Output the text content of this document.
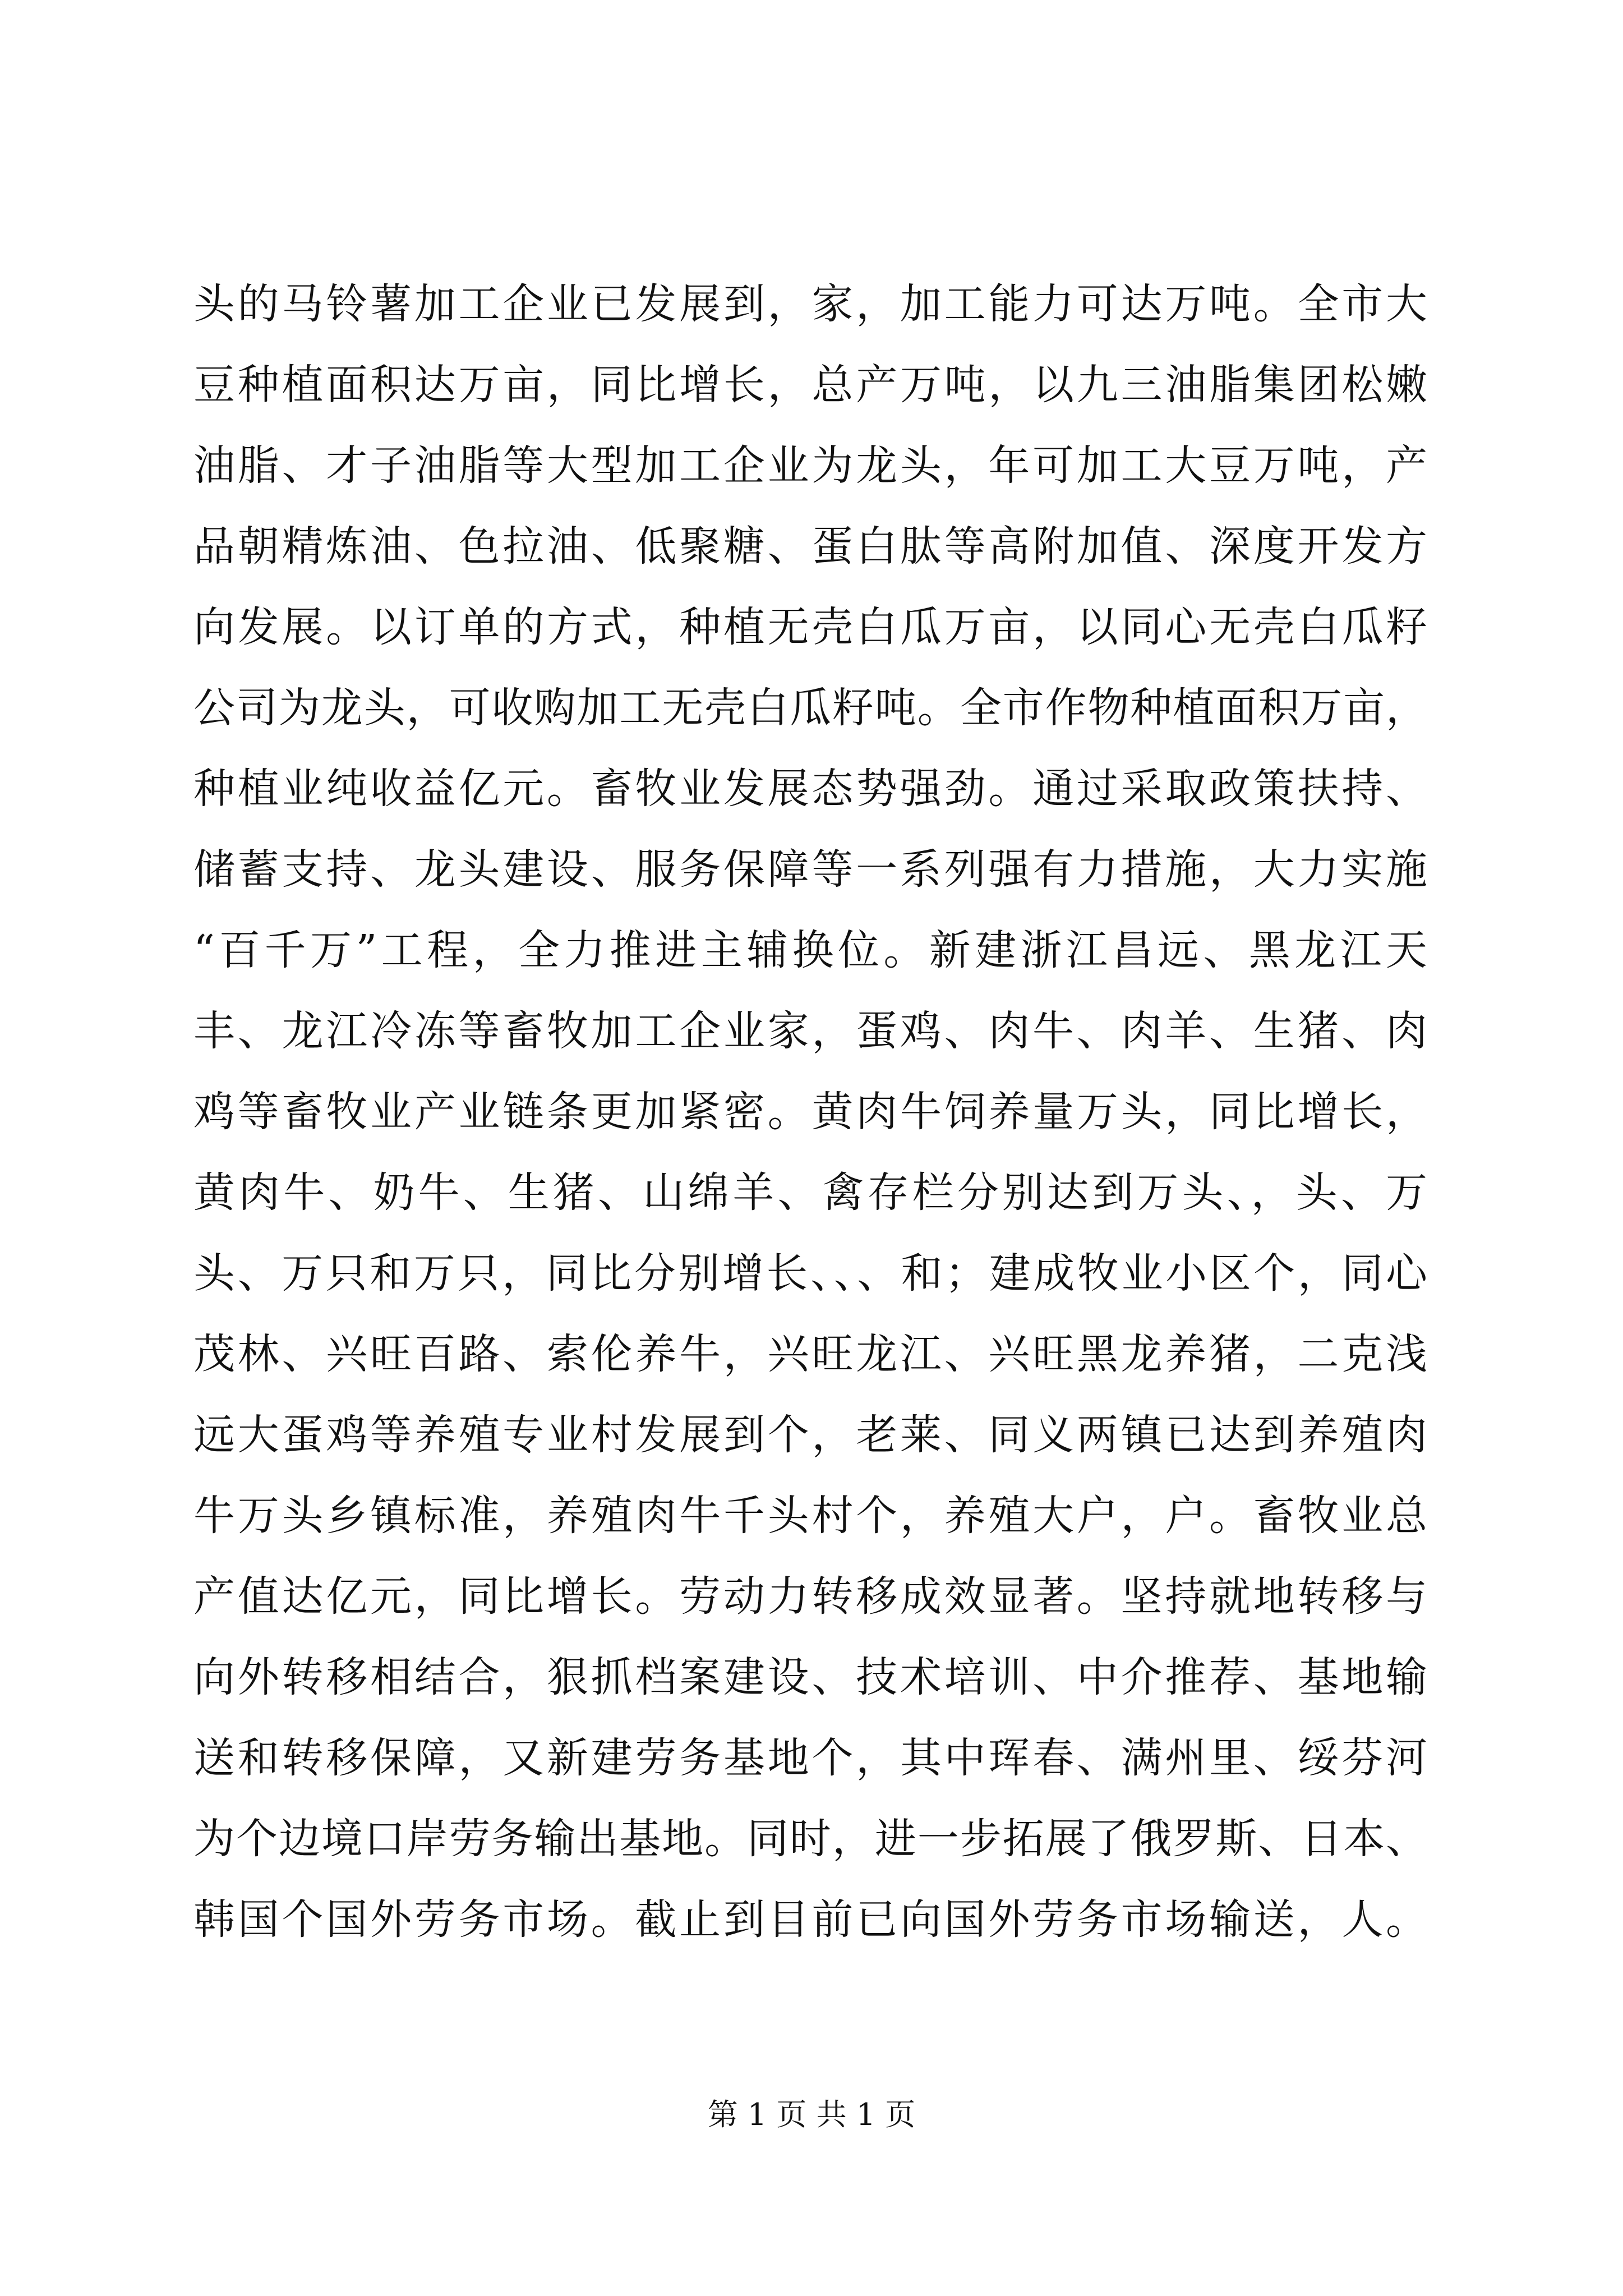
头的马铃薯加工企业已发展到，家，加工能力可达万吨。全市大
豆种植面积达万亩，同比增长，总产万吨，以九三油脂集团松嫩
油脂、才子油脂等大型加工企业为龙头，年可加工大豆万吨，产
品朝精炼油、色拉油、低聚糖、蛋白肽等高附加值、深度开发方
向发展。以订单的方式，种植无壳白瓜万亩，以同心无壳白瓜籽
公司为龙头，可收购加工无壳白瓜籽吨。全市作物种植面积万亩，
种植业纯收益亿元。畜牧业发展态势强劲。通过采取政策扶持、
储蓄支持、龙头建设、服务保障等一系列强有力措施，大力实施
“百千万”工程，全力推进主辅换位。新建浙江昌远、黑龙江天
丰、龙江冷冻等畜牧加工企业家，蛋鸡、肉牛、肉羊、生猪、肉
鸡等畜牧业产业链条更加紧密。黄肉牛饲养量万头，同比增长，
黄肉牛、奶牛、生猪、山绵羊、禽存栏分别达到万头、，头、万
头、万只和万只，同比分别增长、、、和；建成牧业小区个，同心
茂林、兴旺百路、索伦养牛，兴旺龙江、兴旺黑龙养猪，二克浅
远大蛋鸡等养殖专业村发展到个，老莱、同义两镇已达到养殖肉
牛万头乡镇标准，养殖肉牛千头村个，养殖大户，户。畜牧业总
产值达亿元，同比增长。劳动力转移成效显著。坚持就地转移与
向外转移相结合，狠抓档案建设、技术培训、中介推荐、基地输
送和转移保障，又新建劳务基地个，其中珲春、满州里、绥芬河
为个边境口岸劳务输出基地。同时，进一步拓展了俄罗斯、日本、
韩国个国外劳务市场。截止到目前已向国外劳务市场输送，人。
第 1 页 共 1 页
